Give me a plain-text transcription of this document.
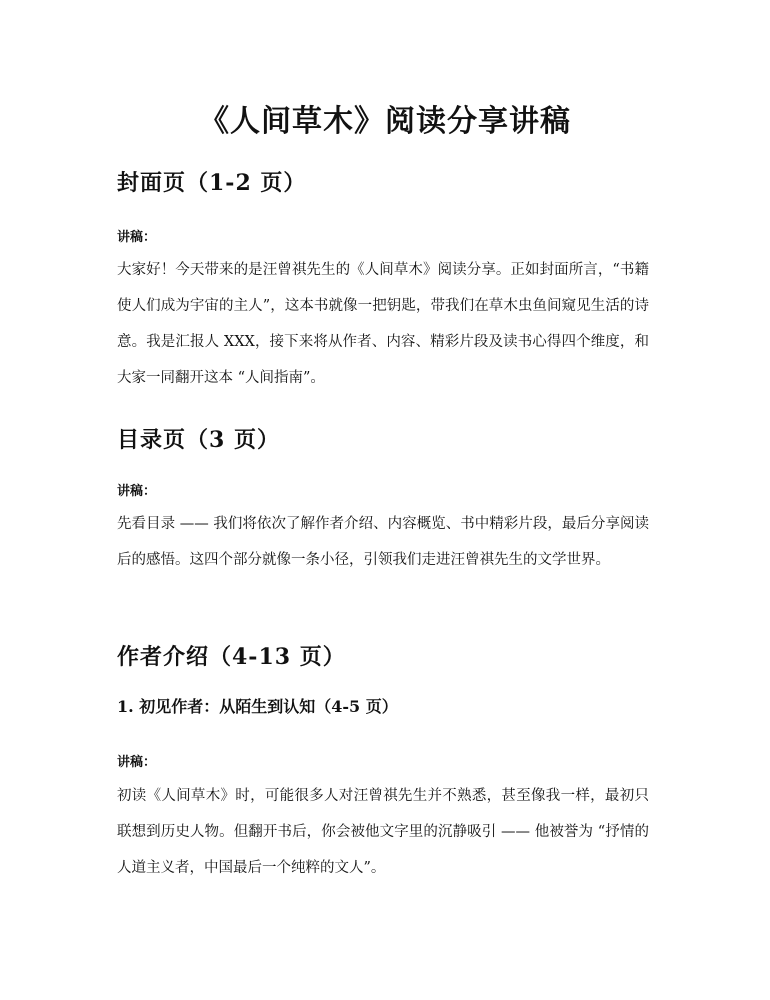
《人间草木》阅读分享讲稿
封面页（1-2 页）
讲稿：
大家好！今天带来的是汪曾祺先生的《人间草木》阅读分享。正如封面所言，“书籍使人们成为宇宙的主人”，这本书就像一把钥匙，带我们在草木虫鱼间窥见生活的诗意。我是汇报人 XXX，接下来将从作者、内容、精彩片段及读书心得四个维度，和大家一同翻开这本 “人间指南”。
目录页（3 页）
讲稿：
先看目录 —— 我们将依次了解作者介绍、内容概览、书中精彩片段，最后分享阅读后的感悟。这四个部分就像一条小径，引领我们走进汪曾祺先生的文学世界。
作者介绍（4-13 页）
1. 初见作者：从陌生到认知（4-5 页）
讲稿：
初读《人间草木》时，可能很多人对汪曾祺先生并不熟悉，甚至像我一样，最初只联想到历史人物。但翻开书后，你会被他文字里的沉静吸引 —— 他被誉为 “抒情的人道主义者，中国最后一个纯粹的文人”。
